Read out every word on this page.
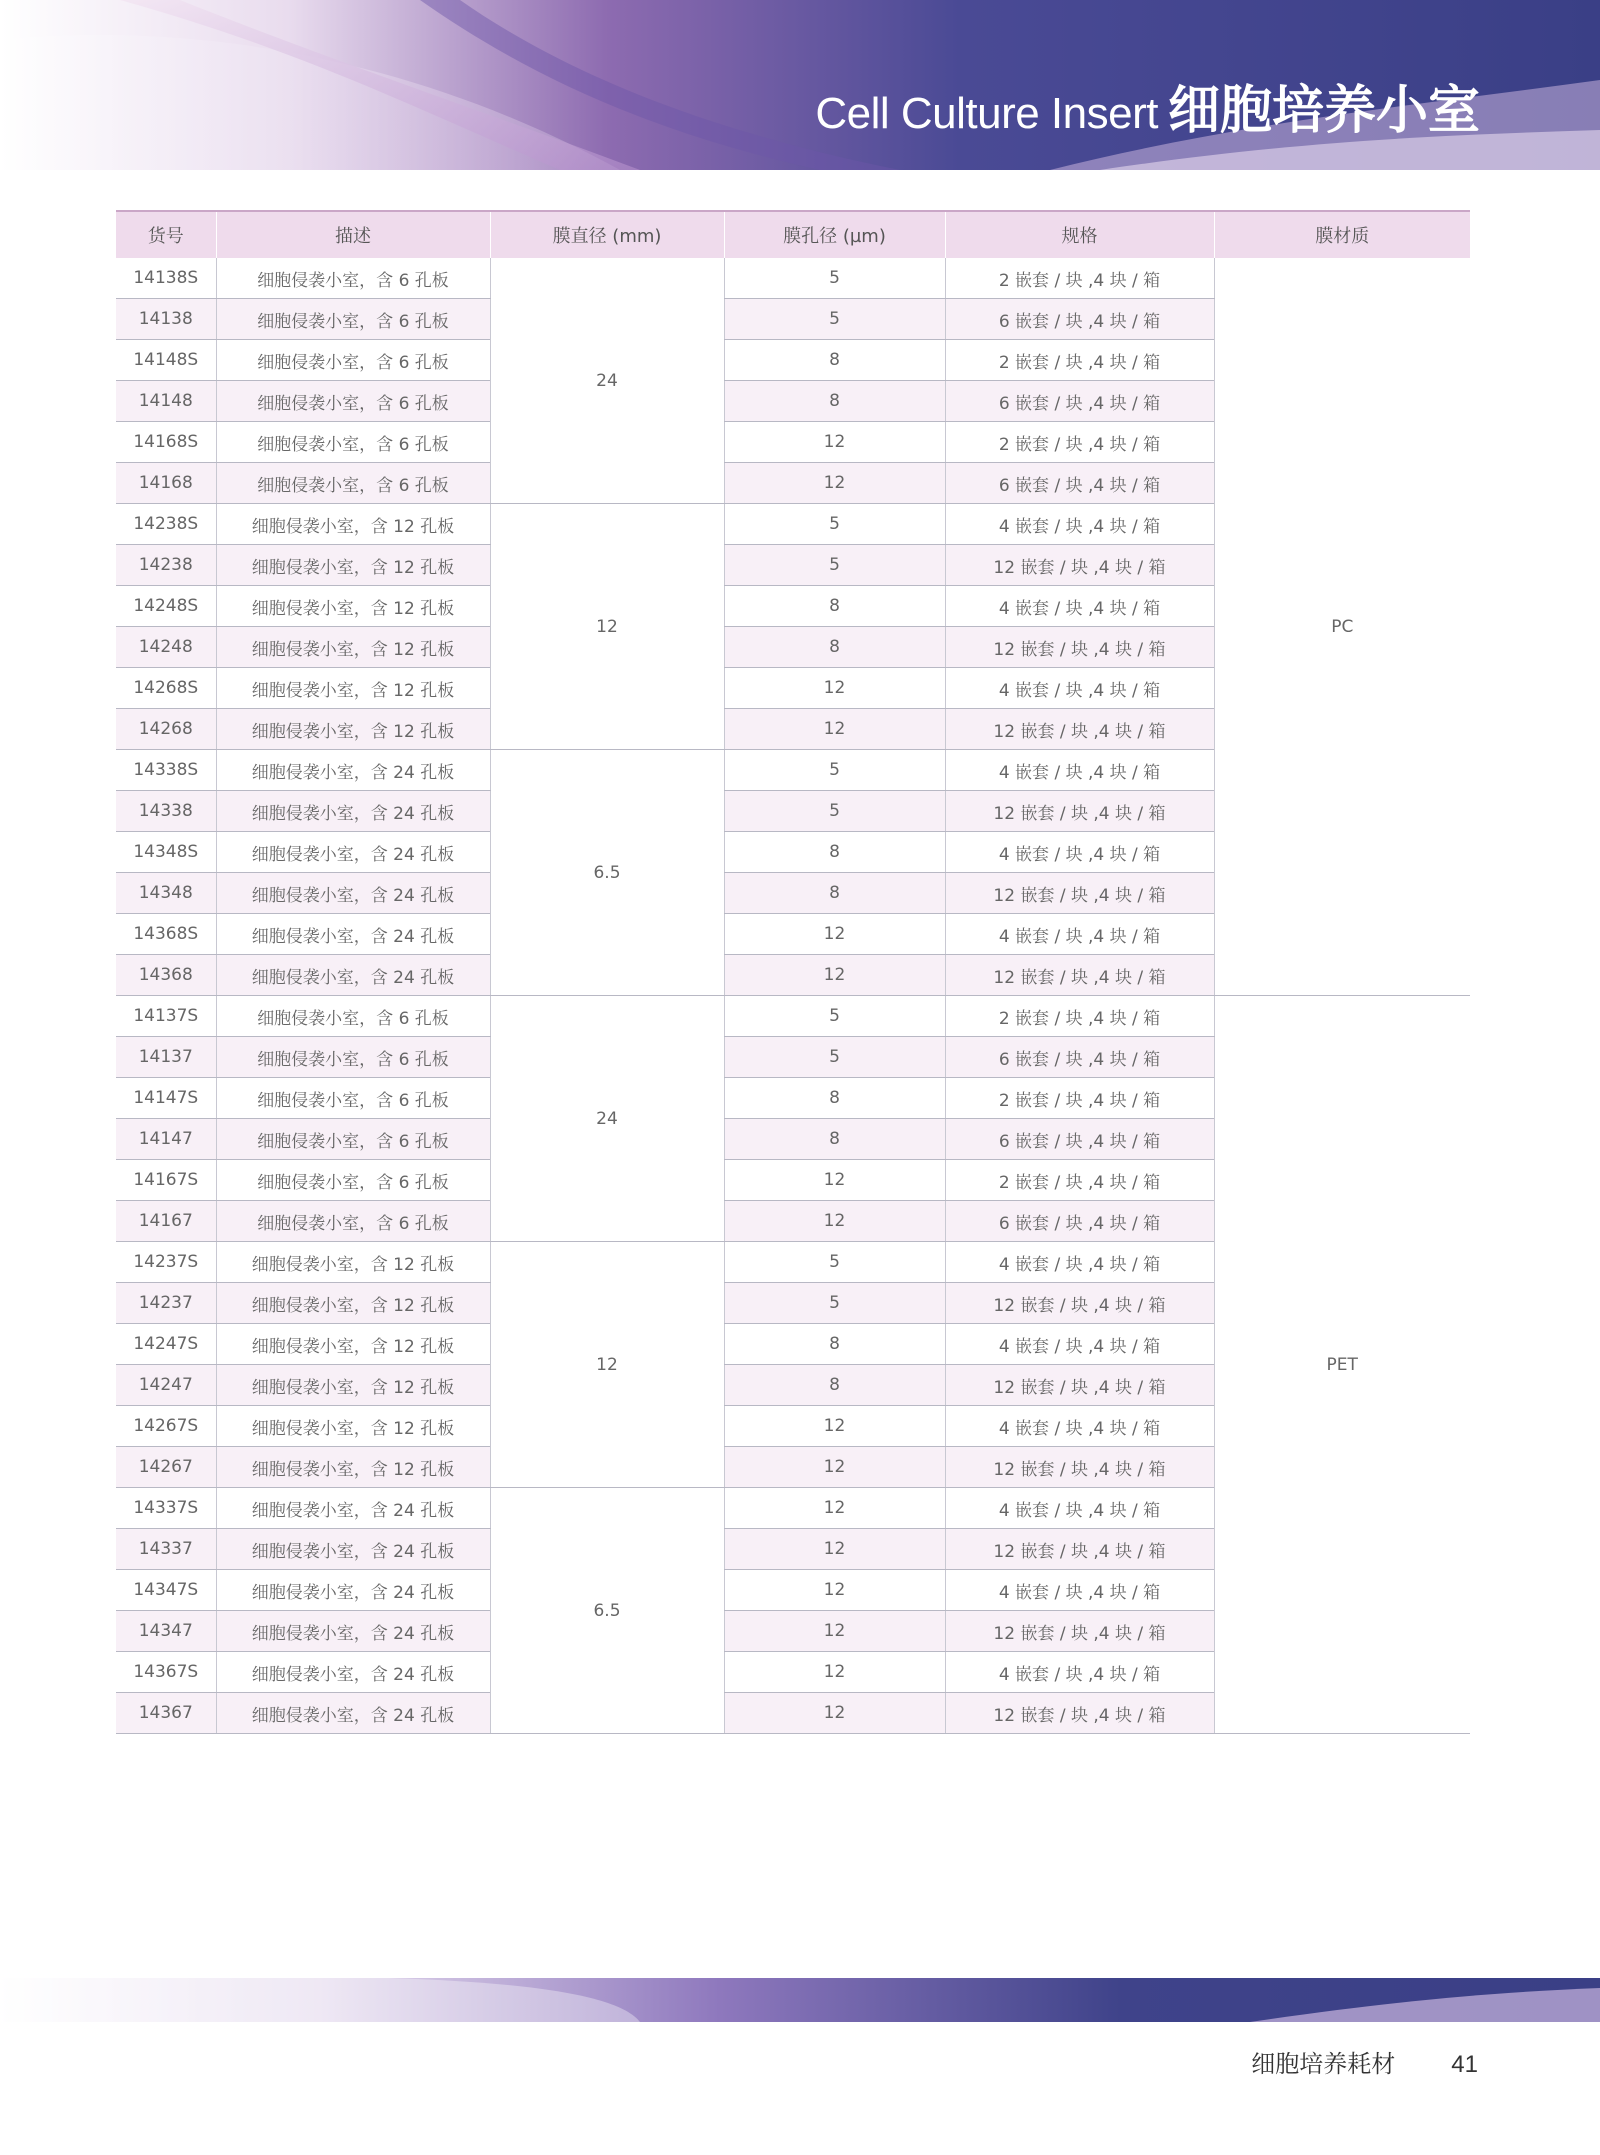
Cell Culture Insert 细胞培养小室
货号	描述	膜直径 (mm)	膜孔径 (µm)	规格	膜材质
14138S	细胞侵袭小室，含 6 孔板	24	5	2 嵌套 / 块 ,4 块 / 箱	PC
14138	细胞侵袭小室，含 6 孔板		5	6 嵌套 / 块 ,4 块 / 箱	
14148S	细胞侵袭小室，含 6 孔板		8	2 嵌套 / 块 ,4 块 / 箱	
14148	细胞侵袭小室，含 6 孔板		8	6 嵌套 / 块 ,4 块 / 箱	
14168S	细胞侵袭小室，含 6 孔板		12	2 嵌套 / 块 ,4 块 / 箱	
14168	细胞侵袭小室，含 6 孔板		12	6 嵌套 / 块 ,4 块 / 箱	
14238S	细胞侵袭小室，含 12 孔板	12	5	4 嵌套 / 块 ,4 块 / 箱	
14238	细胞侵袭小室，含 12 孔板		5	12 嵌套 / 块 ,4 块 / 箱	
14248S	细胞侵袭小室，含 12 孔板		8	4 嵌套 / 块 ,4 块 / 箱	
14248	细胞侵袭小室，含 12 孔板		8	12 嵌套 / 块 ,4 块 / 箱	
14268S	细胞侵袭小室，含 12 孔板		12	4 嵌套 / 块 ,4 块 / 箱	
14268	细胞侵袭小室，含 12 孔板		12	12 嵌套 / 块 ,4 块 / 箱	
14338S	细胞侵袭小室，含 24 孔板	6.5	5	4 嵌套 / 块 ,4 块 / 箱	
14338	细胞侵袭小室，含 24 孔板		5	12 嵌套 / 块 ,4 块 / 箱	
14348S	细胞侵袭小室，含 24 孔板		8	4 嵌套 / 块 ,4 块 / 箱	
14348	细胞侵袭小室，含 24 孔板		8	12 嵌套 / 块 ,4 块 / 箱	
14368S	细胞侵袭小室，含 24 孔板		12	4 嵌套 / 块 ,4 块 / 箱	
14368	细胞侵袭小室，含 24 孔板		12	12 嵌套 / 块 ,4 块 / 箱	
14137S	细胞侵袭小室，含 6 孔板	24	5	2 嵌套 / 块 ,4 块 / 箱	PET
14137	细胞侵袭小室，含 6 孔板		5	6 嵌套 / 块 ,4 块 / 箱	
14147S	细胞侵袭小室，含 6 孔板		8	2 嵌套 / 块 ,4 块 / 箱	
14147	细胞侵袭小室，含 6 孔板		8	6 嵌套 / 块 ,4 块 / 箱	
14167S	细胞侵袭小室，含 6 孔板		12	2 嵌套 / 块 ,4 块 / 箱	
14167	细胞侵袭小室，含 6 孔板		12	6 嵌套 / 块 ,4 块 / 箱	
14237S	细胞侵袭小室，含 12 孔板	12	5	4 嵌套 / 块 ,4 块 / 箱	
14237	细胞侵袭小室，含 12 孔板		5	12 嵌套 / 块 ,4 块 / 箱	
14247S	细胞侵袭小室，含 12 孔板		8	4 嵌套 / 块 ,4 块 / 箱	
14247	细胞侵袭小室，含 12 孔板		8	12 嵌套 / 块 ,4 块 / 箱	
14267S	细胞侵袭小室，含 12 孔板		12	4 嵌套 / 块 ,4 块 / 箱	
14267	细胞侵袭小室，含 12 孔板		12	12 嵌套 / 块 ,4 块 / 箱	
14337S	细胞侵袭小室，含 24 孔板	6.5	12	4 嵌套 / 块 ,4 块 / 箱	
14337	细胞侵袭小室，含 24 孔板		12	12 嵌套 / 块 ,4 块 / 箱	
14347S	细胞侵袭小室，含 24 孔板		12	4 嵌套 / 块 ,4 块 / 箱	
14347	细胞侵袭小室，含 24 孔板		12	12 嵌套 / 块 ,4 块 / 箱	
14367S	细胞侵袭小室，含 24 孔板		12	4 嵌套 / 块 ,4 块 / 箱	
14367	细胞侵袭小室，含 24 孔板		12	12 嵌套 / 块 ,4 块 / 箱	
细胞培养耗材 41
